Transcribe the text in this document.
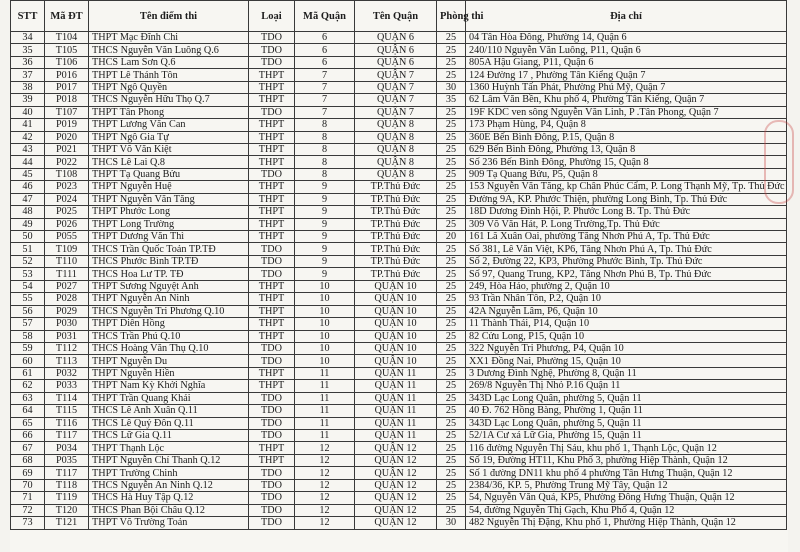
STT	Mã ĐT	Tên điểm thi	Loại	Mã Quận	Tên Quận	Phòng thi	Địa chỉ
34	T104	THPT Mạc Đĩnh Chi	TDO	6	QUẬN 6	25	04 Tân Hòa Đông, Phường 14, Quận 6
35	T105	THCS Nguyễn Văn Luông Q.6	TDO	6	QUẬN 6	25	240/110 Nguyễn Văn Luông, P11, Quận 6
36	T106	THCS Lam Sơn Q.6	TDO	6	QUẬN 6	25	805A Hậu Giang, P11, Quận 6
37	P016	THPT Lê Thánh Tôn	THPT	7	QUẬN 7	25	124 Đường 17 , Phường Tân Kiểng Quận 7
38	P017	THPT Ngô Quyền	THPT	7	QUẬN 7	30	1360 Huỳnh Tấn Phát, Phường Phú Mỹ, Quận 7
39	P018	THCS Nguyễn Hữu Thọ Q.7	THPT	7	QUẬN 7	35	62 Lâm Văn Bền, Khu phố 4, Phường Tân Kiểng, Quận 7
40	T107	THPT Tân Phong	TDO	7	QUẬN 7	25	19F KDC ven sông Nguyễn Văn Linh, P .Tân Phong, Quận 7
41	P019	THPT Lương Văn Can	THPT	8	QUẬN 8	25	173 Phạm Hùng, P4, Quận 8
42	P020	THPT Ngô Gia Tự	THPT	8	QUẬN 8	25	360E Bến Bình Đông, P.15, Quận 8
43	P021	THPT Võ Văn Kiệt	THPT	8	QUẬN 8	25	629 Bến Bình Đông, Phường 13, Quận 8
44	P022	THCS Lê Lai Q.8	THPT	8	QUẬN 8	25	Số 236 Bến Bình Đông, Phường 15, Quận 8
45	T108	THPT Tạ Quang Bửu	TDO	8	QUẬN 8	25	909 Tạ Quang Bửu, P5, Quận 8
46	P023	THPT Nguyễn Huệ	THPT	9	TP.Thủ Đức	25	153 Nguyễn Văn Tăng, kp Chân Phúc Cẩm, P. Long Thạnh Mỹ, Tp. Thủ Đức
47	P024	THPT Nguyễn Văn Tăng	THPT	9	TP.Thủ Đức	25	Đường 9A, KP. Phước Thiện, phường Long Bình, Tp. Thủ Đức
48	P025	THPT Phước Long	THPT	9	TP.Thủ Đức	25	18D Dương Đình Hội, P. Phước Long B. Tp. Thủ Đức
49	P026	THPT Long Trường	THPT	9	TP.Thủ Đức	25	309 Võ Văn Hát, P. Long Trường,Tp. Thủ Đức
50	P055	THPT Dương Văn Thì	THPT	9	TP.Thủ Đức	20	161 Lã Xuân Oai, phường Tăng Nhơn Phú A, Tp. Thủ Đức
51	T109	THCS Trần Quốc Toản TP.TĐ	TDO	9	TP.Thủ Đức	25	Số 381, Lê Văn Việt, KP6, Tăng Nhơn Phú A, Tp. Thủ Đức
52	T110	THCS Phước Bình TP.TĐ	TDO	9	TP.Thủ Đức	25	Số 2, Đường 22, KP3, Phường Phước Bình, Tp. Thủ Đức
53	T111	THCS Hoa Lư TP. TĐ	TDO	9	TP.Thủ Đức	25	Số 97, Quang Trung, KP2, Tăng Nhơn Phú B, Tp. Thủ Đức
54	P027	THPT Sương Nguyệt Anh	THPT	10	QUẬN 10	25	249, Hòa Hảo, phường 2, Quận 10
55	P028	THPT Nguyễn An Ninh	THPT	10	QUẬN 10	25	93 Trần Nhân Tôn, P.2, Quận 10
56	P029	THCS Nguyễn Tri Phương Q.10	THPT	10	QUẬN 10	25	42A Nguyễn Lâm, P6, Quận 10
57	P030	THPT Diên Hồng	THPT	10	QUẬN 10	25	11 Thành Thái, P14, Quận 10
58	P031	THCS Trần Phú Q.10	THPT	10	QUẬN 10	25	82 Cửu Long, P15, Quận 10
59	T112	THCS Hoàng Văn Thụ Q.10	TDO	10	QUẬN 10	25	322 Nguyễn Tri Phương, P4, Quận 10
60	T113	THPT Nguyễn Du	TDO	10	QUẬN 10	25	XX1 Đồng Nai, Phường 15, Quận 10
61	P032	THPT Nguyễn Hiền	THPT	11	QUẬN 11	25	3 Dương Đình Nghệ, Phường 8, Quận 11
62	P033	THPT Nam Kỳ Khởi Nghĩa	THPT	11	QUẬN 11	25	269/8 Nguyễn Thị Nhỏ P.16 Quận 11
63	T114	THPT Trần Quang Khải	TDO	11	QUẬN 11	25	343D Lạc Long Quân, phường 5, Quận 11
64	T115	THCS Lê Anh Xuân Q.11	TDO	11	QUẬN 11	25	40 Đ. 762 Hồng Bàng, Phường 1, Quận 11
65	T116	THCS Lê Quý Đôn Q.11	TDO	11	QUẬN 11	25	343D Lạc Long Quân, phường 5, Quận 11
66	T117	THCS Lữ Gia Q.11	TDO	11	QUẬN 11	25	52/1A Cư xá Lữ Gia, Phường 15, Quận 11
67	P034	THPT Thạnh Lộc	THPT	12	QUẬN 12	25	116 đường Nguyễn Thị Sáu, khu phố 1, Thạnh Lộc, Quận 12
68	P035	THPT Nguyễn Chí Thanh Q.12	THPT	12	QUẬN 12	25	Số 19, Đường HT11, Khu Phố 3, phường Hiệp Thành, Quận 12
69	T117	THPT Trường Chinh	TDO	12	QUẬN 12	25	Số 1 đường DN11 khu phố 4 phường Tân Hưng Thuận, Quận 12
70	T118	THCS Nguyễn An Ninh Q.12	TDO	12	QUẬN 12	25	2384/36, KP. 5, Phường Trung Mỹ Tây, Quận 12
71	T119	THCS Hà Huy Tập Q.12	TDO	12	QUẬN 12	25	54, Nguyễn Văn Quá, KP5, Phường Đông Hưng Thuận, Quận 12
72	T120	THCS Phan Bội Châu Q.12	TDO	12	QUẬN 12	25	54, đường Nguyễn Thị Gạch, Khu Phố 4, Quận 12
73	T121	THPT Võ Trường Toản	TDO	12	QUẬN 12	30	482 Nguyễn Thị Đặng, Khu phố 1, Phường Hiệp Thành, Quận 12
